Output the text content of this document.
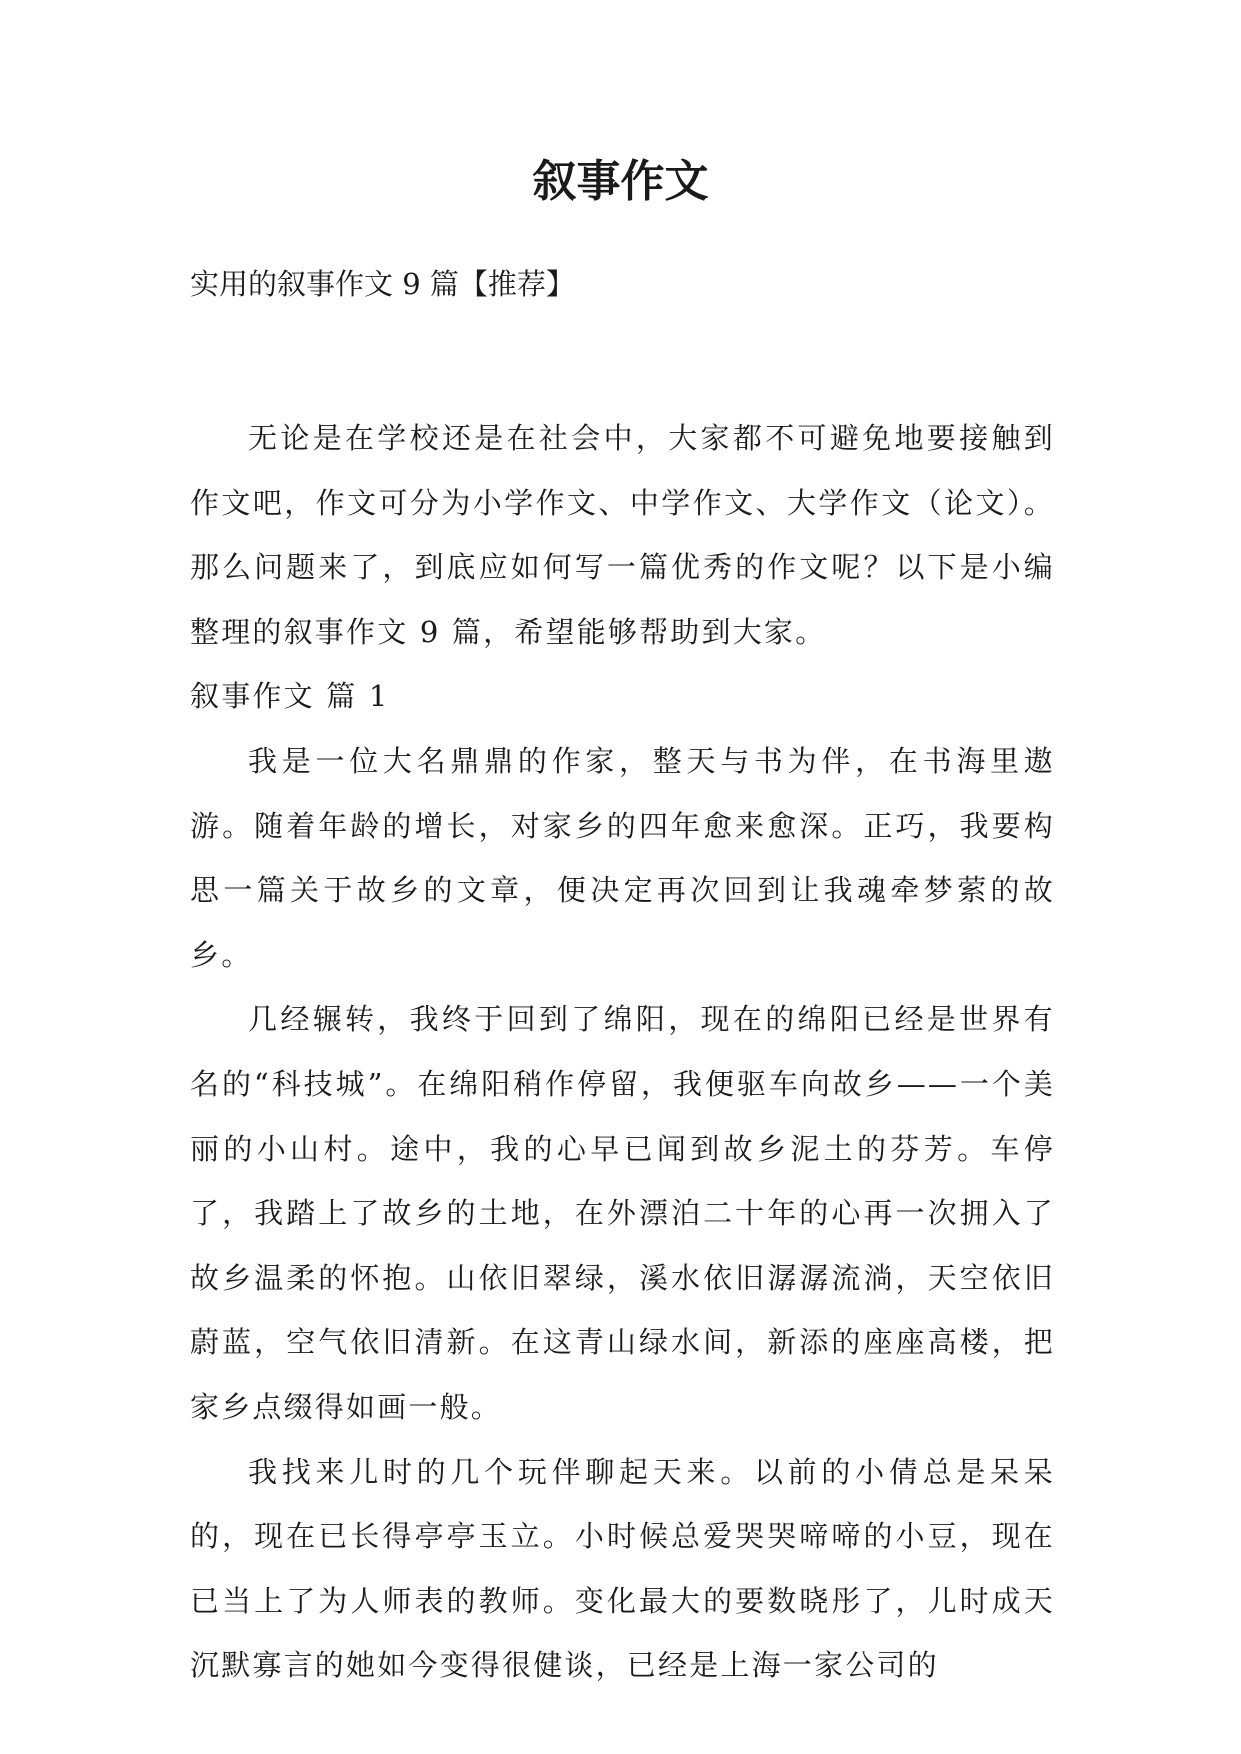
叙事作文

实用的叙事作文 9 篇【推荐】

无论是在学校还是在社会中，大家都不可避免地要接触到作文吧，作文可分为小学作文、中学作文、大学作文（论文）。那么问题来了，到底应如何写一篇优秀的作文呢？以下是小编整理的叙事作文 9 篇，希望能够帮助到大家。

叙事作文 篇 1

我是一位大名鼎鼎的作家，整天与书为伴，在书海里遨游。随着年龄的增长，对家乡的四年愈来愈深。正巧，我要构思一篇关于故乡的文章，便决定再次回到让我魂牵梦萦的故乡。

几经辗转，我终于回到了绵阳，现在的绵阳已经是世界有名的“科技城”。在绵阳稍作停留，我便驱车向故乡——一个美丽的小山村。途中，我的心早已闻到故乡泥土的芬芳。车停了，我踏上了故乡的土地，在外漂泊二十年的心再一次拥入了故乡温柔的怀抱。山依旧翠绿，溪水依旧潺潺流淌，天空依旧蔚蓝，空气依旧清新。在这青山绿水间，新添的座座高楼，把家乡点缀得如画一般。

我找来儿时的几个玩伴聊起天来。以前的小倩总是呆呆的，现在已长得亭亭玉立。小时候总爱哭哭啼啼的小豆，现在已当上了为人师表的教师。变化最大的要数晓彤了，儿时成天沉默寡言的她如今变得很健谈，已经是上海一家公司的
